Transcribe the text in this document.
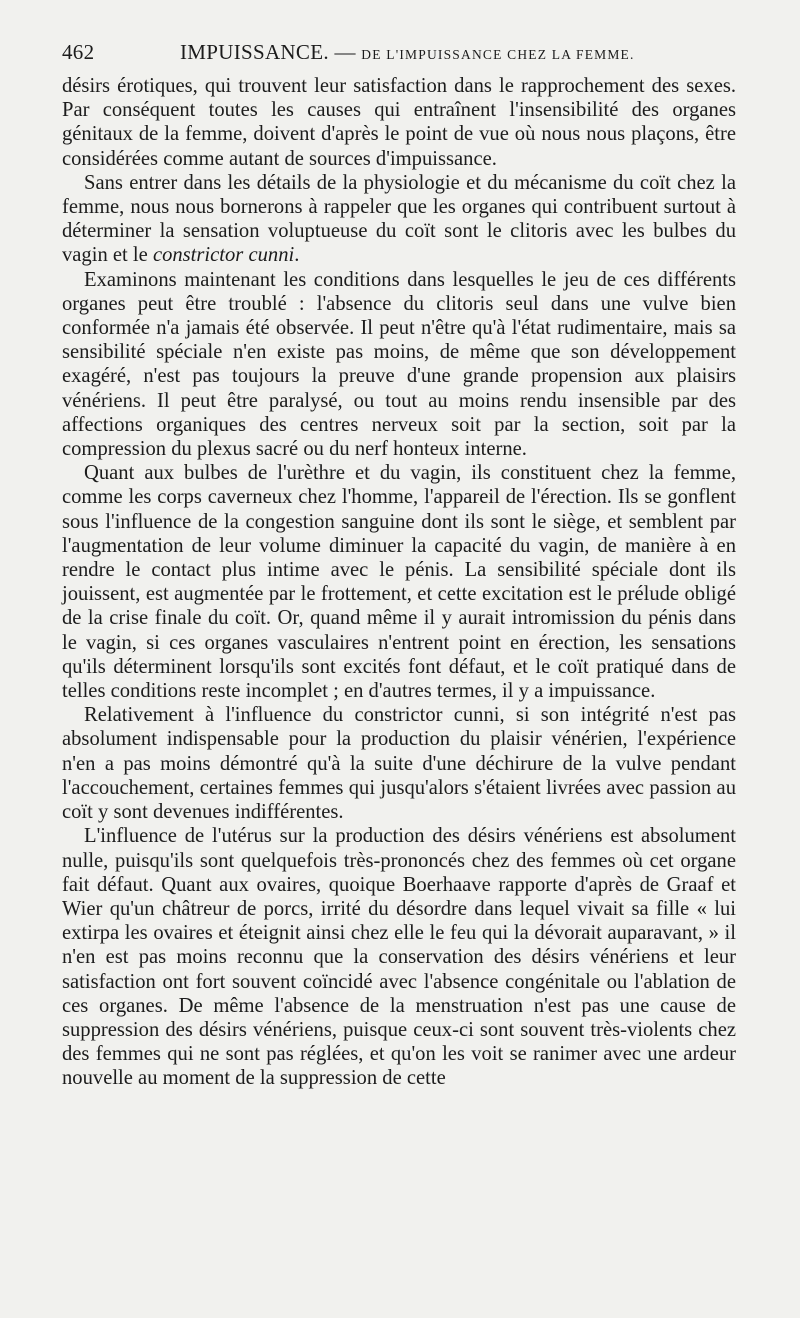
462	IMPUISSANCE. — DE L'IMPUISSANCE CHEZ LA FEMME.

désirs érotiques, qui trouvent leur satisfaction dans le rapprochement des sexes. Par conséquent toutes les causes qui entraînent l'insensibilité des organes génitaux de la femme, doivent d'après le point de vue où nous nous plaçons, être considérées comme autant de sources d'impuissance.

Sans entrer dans les détails de la physiologie et du mécanisme du coït chez la femme, nous nous bornerons à rappeler que les organes qui contribuent surtout à déterminer la sensation voluptueuse du coït sont le clitoris avec les bulbes du vagin et le constrictor cunni.

Examinons maintenant les conditions dans lesquelles le jeu de ces différents organes peut être troublé : l'absence du clitoris seul dans une vulve bien conformée n'a jamais été observée. Il peut n'être qu'à l'état rudimentaire, mais sa sensibilité spéciale n'en existe pas moins, de même que son développement exagéré, n'est pas toujours la preuve d'une grande propension aux plaisirs vénériens. Il peut être paralysé, ou tout au moins rendu insensible par des affections organiques des centres nerveux soit par la section, soit par la compression du plexus sacré ou du nerf honteux interne.

Quant aux bulbes de l'urèthre et du vagin, ils constituent chez la femme, comme les corps caverneux chez l'homme, l'appareil de l'érection. Ils se gonflent sous l'influence de la congestion sanguine dont ils sont le siège, et semblent par l'augmentation de leur volume diminuer la capacité du vagin, de manière à en rendre le contact plus intime avec le pénis. La sensibilité spéciale dont ils jouissent, est augmentée par le frottement, et cette excitation est le prélude obligé de la crise finale du coït. Or, quand même il y aurait intromission du pénis dans le vagin, si ces organes vasculaires n'entrent point en érection, les sensations qu'ils déterminent lorsqu'ils sont excités font défaut, et le coït pratiqué dans de telles conditions reste incomplet ; en d'autres termes, il y a impuissance.

Relativement à l'influence du constrictor cunni, si son intégrité n'est pas absolument indispensable pour la production du plaisir vénérien, l'expérience n'en a pas moins démontré qu'à la suite d'une déchirure de la vulve pendant l'accouchement, certaines femmes qui jusqu'alors s'étaient livrées avec passion au coït y sont devenues indifférentes.

L'influence de l'utérus sur la production des désirs vénériens est absolument nulle, puisqu'ils sont quelquefois très-prononcés chez des femmes où cet organe fait défaut. Quant aux ovaires, quoique Boerhaave rapporte d'après de Graaf et Wier qu'un châtreur de porcs, irrité du désordre dans lequel vivait sa fille « lui extirpa les ovaires et éteignit ainsi chez elle le feu qui la dévorait auparavant, » il n'en est pas moins reconnu que la conservation des désirs vénériens et leur satisfaction ont fort souvent coïncidé avec l'absence congénitale ou l'ablation de ces organes. De même l'absence de la menstruation n'est pas une cause de suppression des désirs vénériens, puisque ceux-ci sont souvent très-violents chez des femmes qui ne sont pas réglées, et qu'on les voit se ranimer avec une ardeur nouvelle au moment de la suppression de cette
